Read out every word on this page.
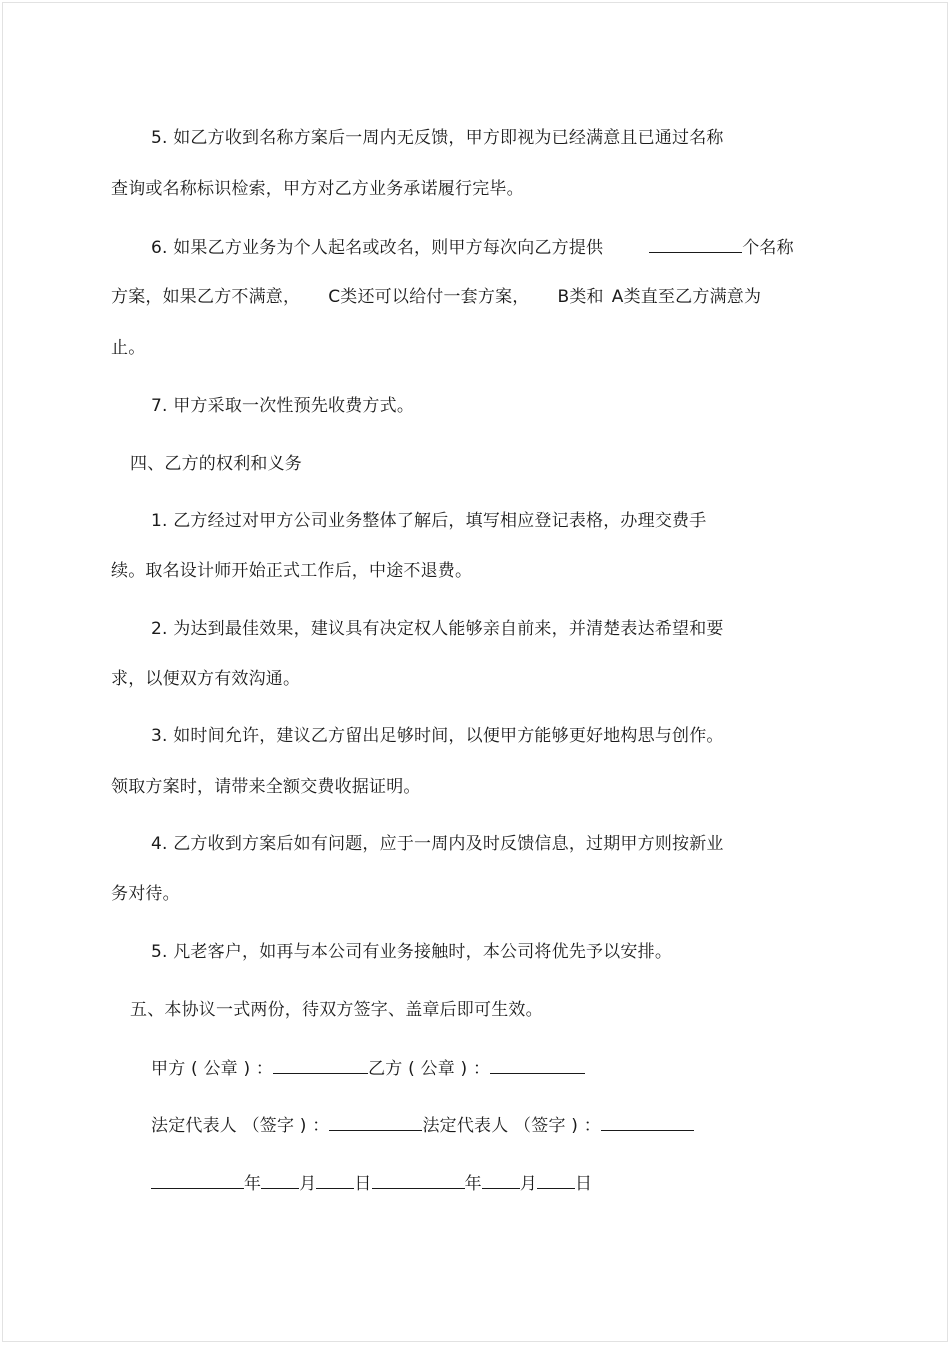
5. 如乙方收到名称方案后一周内无反馈，甲方即视为已经满意且已通过名称
查询或名称标识检索，甲方对乙方业务承诺履行完毕。
6. 如果乙方业务为个人起名或改名，则甲方每次向乙方提供	个名称
方案，如果乙方不满意， C类还可以给付一套方案， B类和 A类直至乙方满意为
止。
7. 甲方采取一次性预先收费方式。
四、乙方的权利和义务
1. 乙方经过对甲方公司业务整体了解后，填写相应登记表格，办理交费手
续。取名设计师开始正式工作后，中途不退费。
2. 为达到最佳效果，建议具有决定权人能够亲自前来，并清楚表达希望和要
求，以便双方有效沟通。
3. 如时间允许，建议乙方留出足够时间，以便甲方能够更好地构思与创作。
领取方案时，请带来全额交费收据证明。
4. 乙方收到方案后如有问题，应于一周内及时反馈信息，过期甲方则按新业
务对待。
5. 凡老客户，如再与本公司有业务接触时，本公司将优先予以安排。
五、本协议一式两份，待双方签字、盖章后即可生效。
甲方 ( 公章 ) ：	乙方 ( 公章 ) ：
法定代表人 （签字 ) ：	法定代表人 （签字 ) ：
年 月 日	年 月 日
